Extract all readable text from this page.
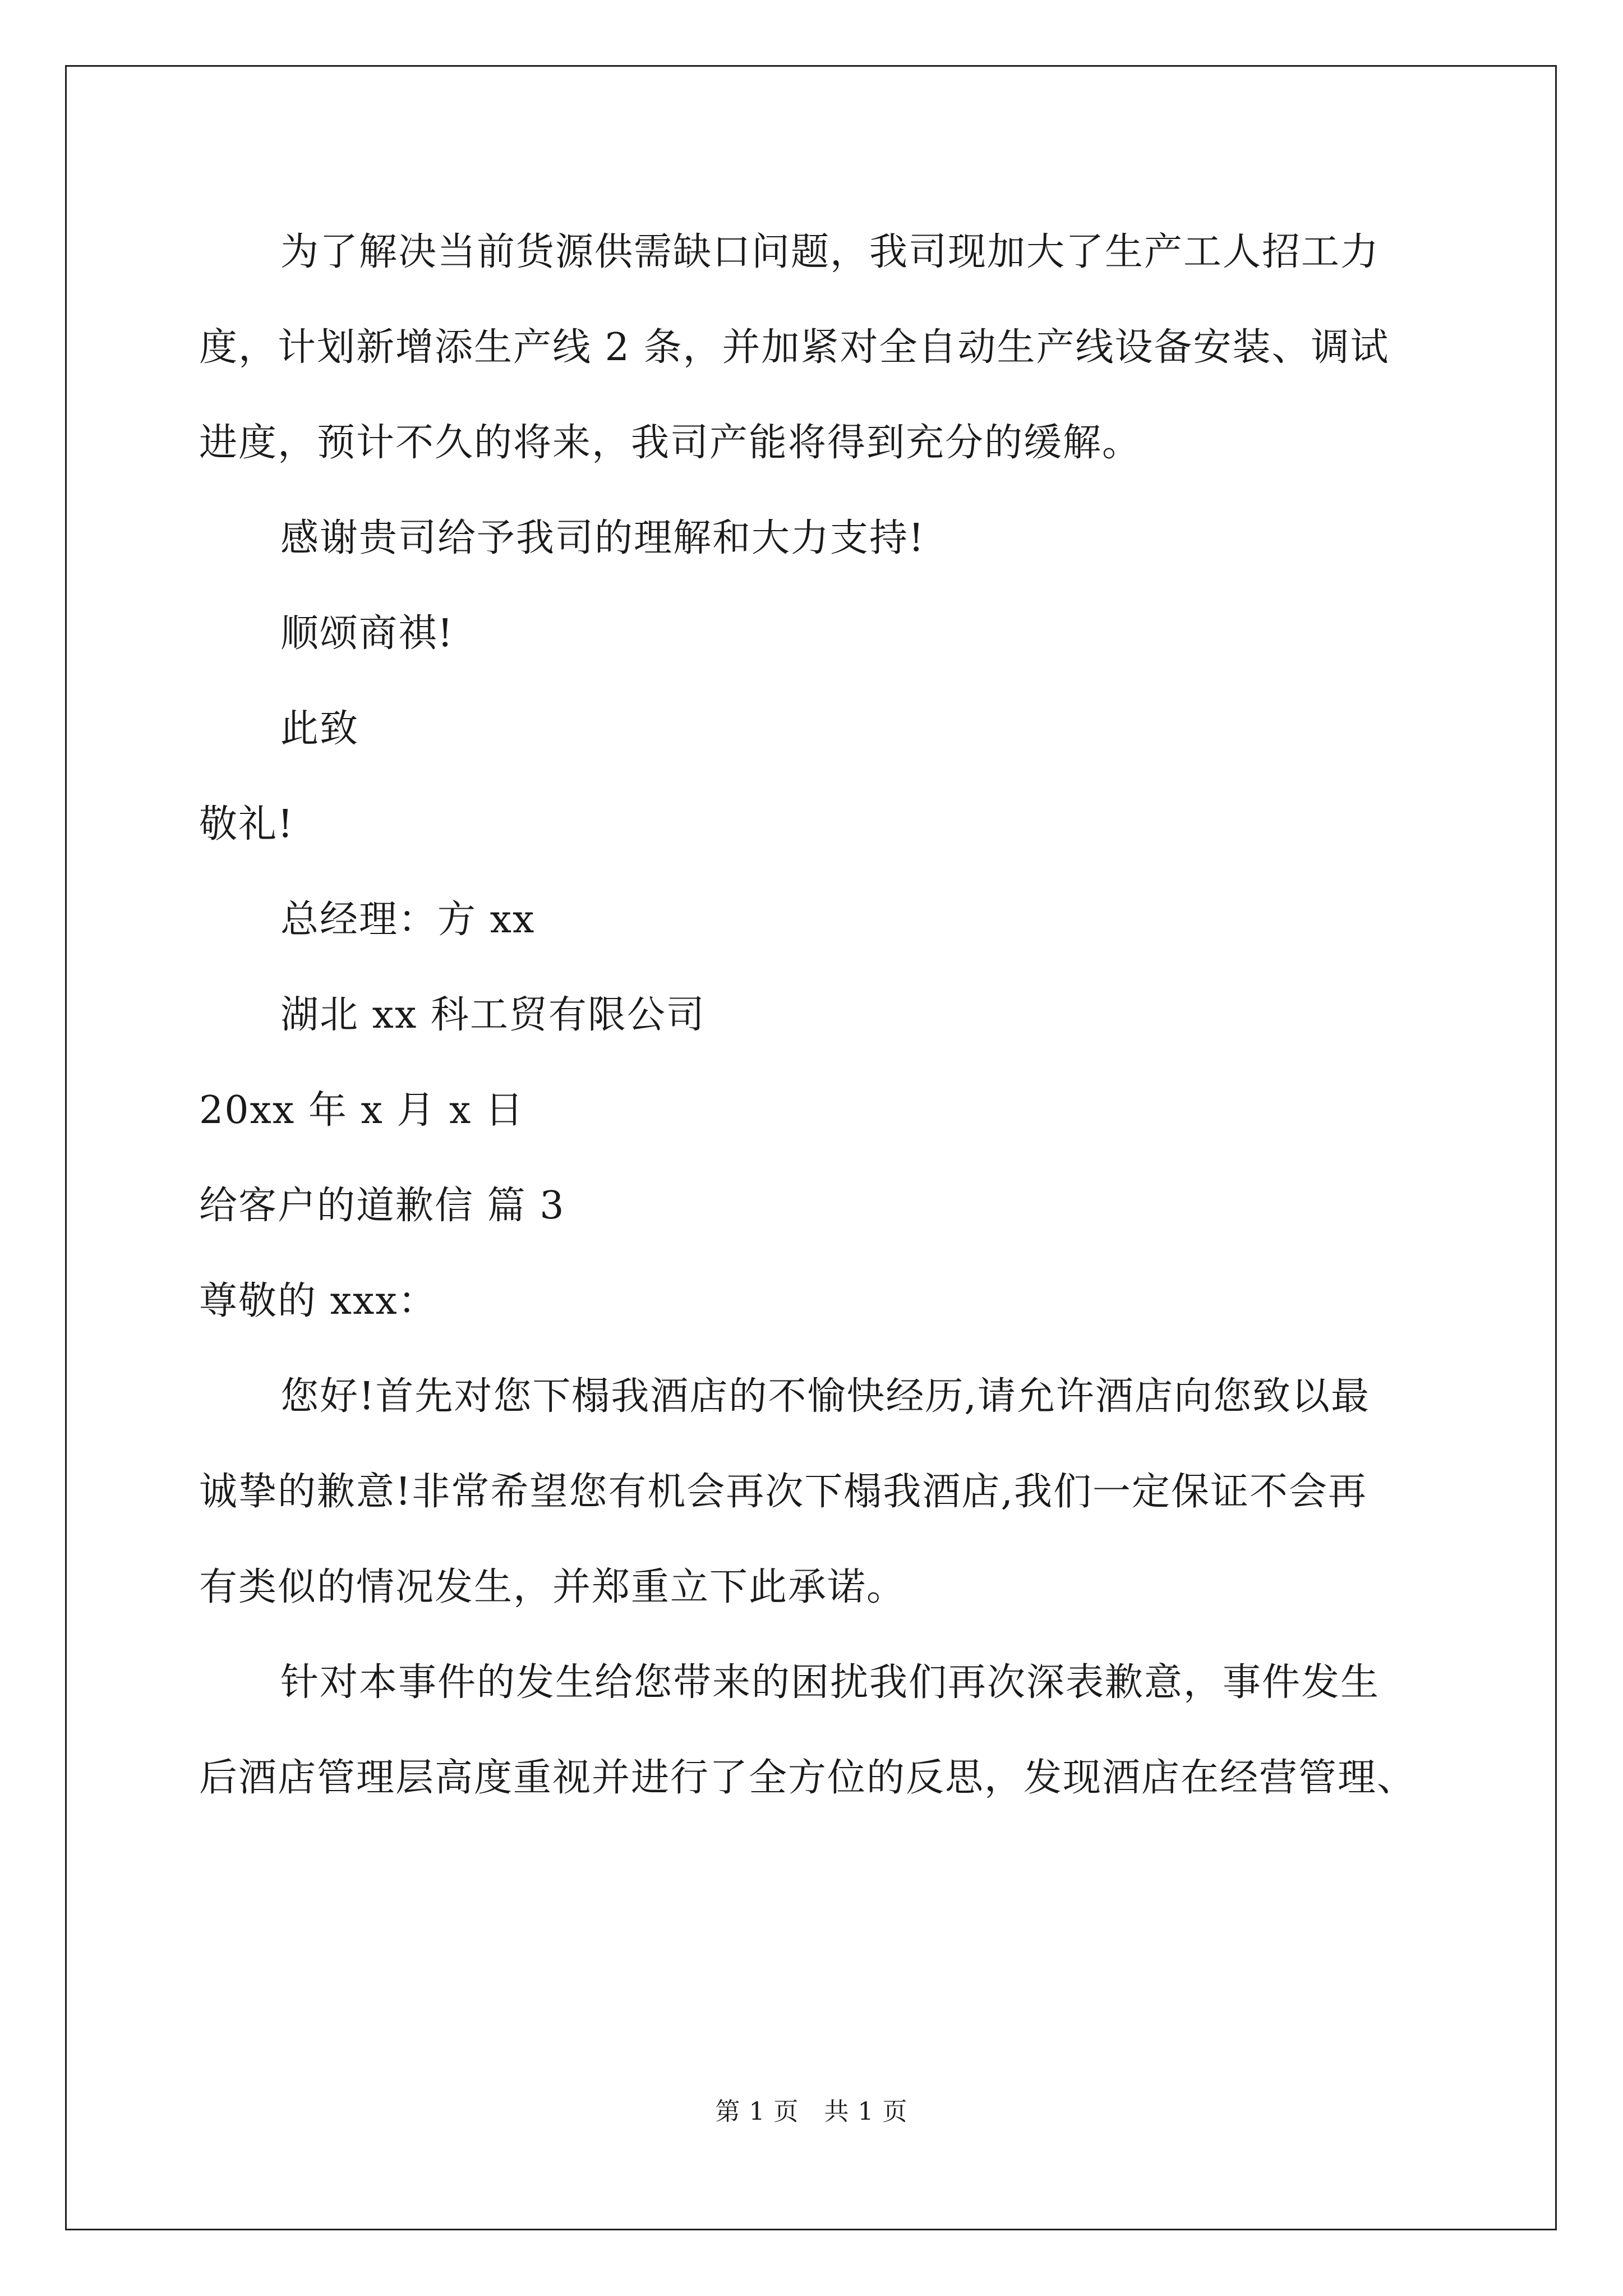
为了解决当前货源供需缺口问题，我司现加大了生产工人招工力
度，计划新增添生产线 2 条，并加紧对全自动生产线设备安装、调试
进度，预计不久的将来，我司产能将得到充分的缓解。
感谢贵司给予我司的理解和大力支持!
顺颂商祺!
此致
敬礼!
总经理：方 xx
湖北 xx 科工贸有限公司
20xx 年 x 月 x 日
给客户的道歉信 篇 3
尊敬的 xxx：
您好!首先对您下榻我酒店的不愉快经历,请允许酒店向您致以最
诚挚的歉意!非常希望您有机会再次下榻我酒店,我们一定保证不会再
有类似的情况发生，并郑重立下此承诺。
针对本事件的发生给您带来的困扰我们再次深表歉意，事件发生
后酒店管理层高度重视并进行了全方位的反思，发现酒店在经营管理、
第 1 页　共 1 页
